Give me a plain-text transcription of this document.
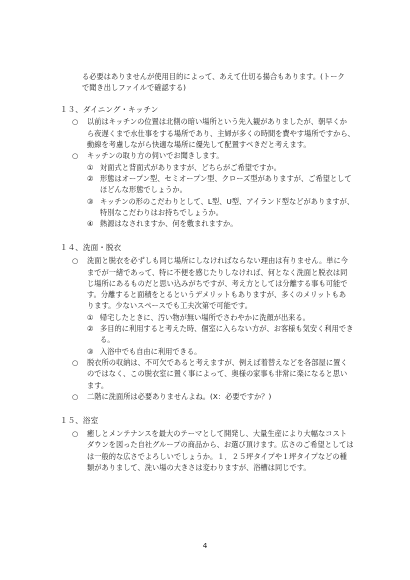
る必要はありませんが使用目的によって、あえて仕切る揚合もあります。(トーク
で聞き出しファイルで確認する)
１３、ダイニング・キッチン
○ 以前はキッチンの位置は北側の暗い場所という先入観がありましたが、朝早くか
ら夜遅くまで水仕事をする場所であり、主婦が多くの時間を費やす場所ですから、
動線を考慮しながら快適な場所に優先して配置すべきだと考えます。
○ キッチンの取り方の伺いでお聞きします。
① 対面式と背面式がありますが、どちらがご希望ですか。
② 形態はオープン型、セミオープン型、クローズ型がありますが、ご希望として
ほどんな形態でしょうか。
③ キッチンの形のこだわりとして、L型、U型、アイランド型などがありますが、
特別なこだわりはお持ちでしょうか。
④ 熱源はなされますか、何を敷まれますか。
１４、洗面・脱衣
○ 洗面と脱衣を必ずしも同じ場所にしなければならない理由は有りません。単に今
までが一緒であって、特に不便を感じたりしなければ、何となく洗面と脱衣は同
じ場所にあるものだと思い込みがちですが、考え方としては分離する事も可能で
す。分離すると面積をとるというデメリットもありますが、多くのメリットもあ
ります。少ないスペースでも工夫次第で可能です。
① 帰宅したときに、汚い物が無い場所でさわやかに洗顔が出来る。
② 多目的に利用すると考えた時、個室に入らない方が、お客様も気安く利用でき
る。
③ 入浴中でも自由に利用できる。
○ 脱衣所の収納は、不可欠であると考えますが、例えば着替えなどを各部屋に置く
のではなく、この脱衣室に置く事によって、奥様の家事も非常に楽になると思い
ます。
○ 二階に洗面所は必要ありませんよね。(X：必要ですか？)
１５、浴室
○ 癒しとメンテナンスを最大のテーマとして開発し、大量生産により大幅なコスト
ダウンを図った自社グループの商品から、お選び頂けます。広さのご希望としては
は一般的な広さでよろしいでしょうか。１．２５坪タイプや１坪タイプなどの種
類がありまして、洗い場の大きさは変わりますが、浴槽は同じです。
4
